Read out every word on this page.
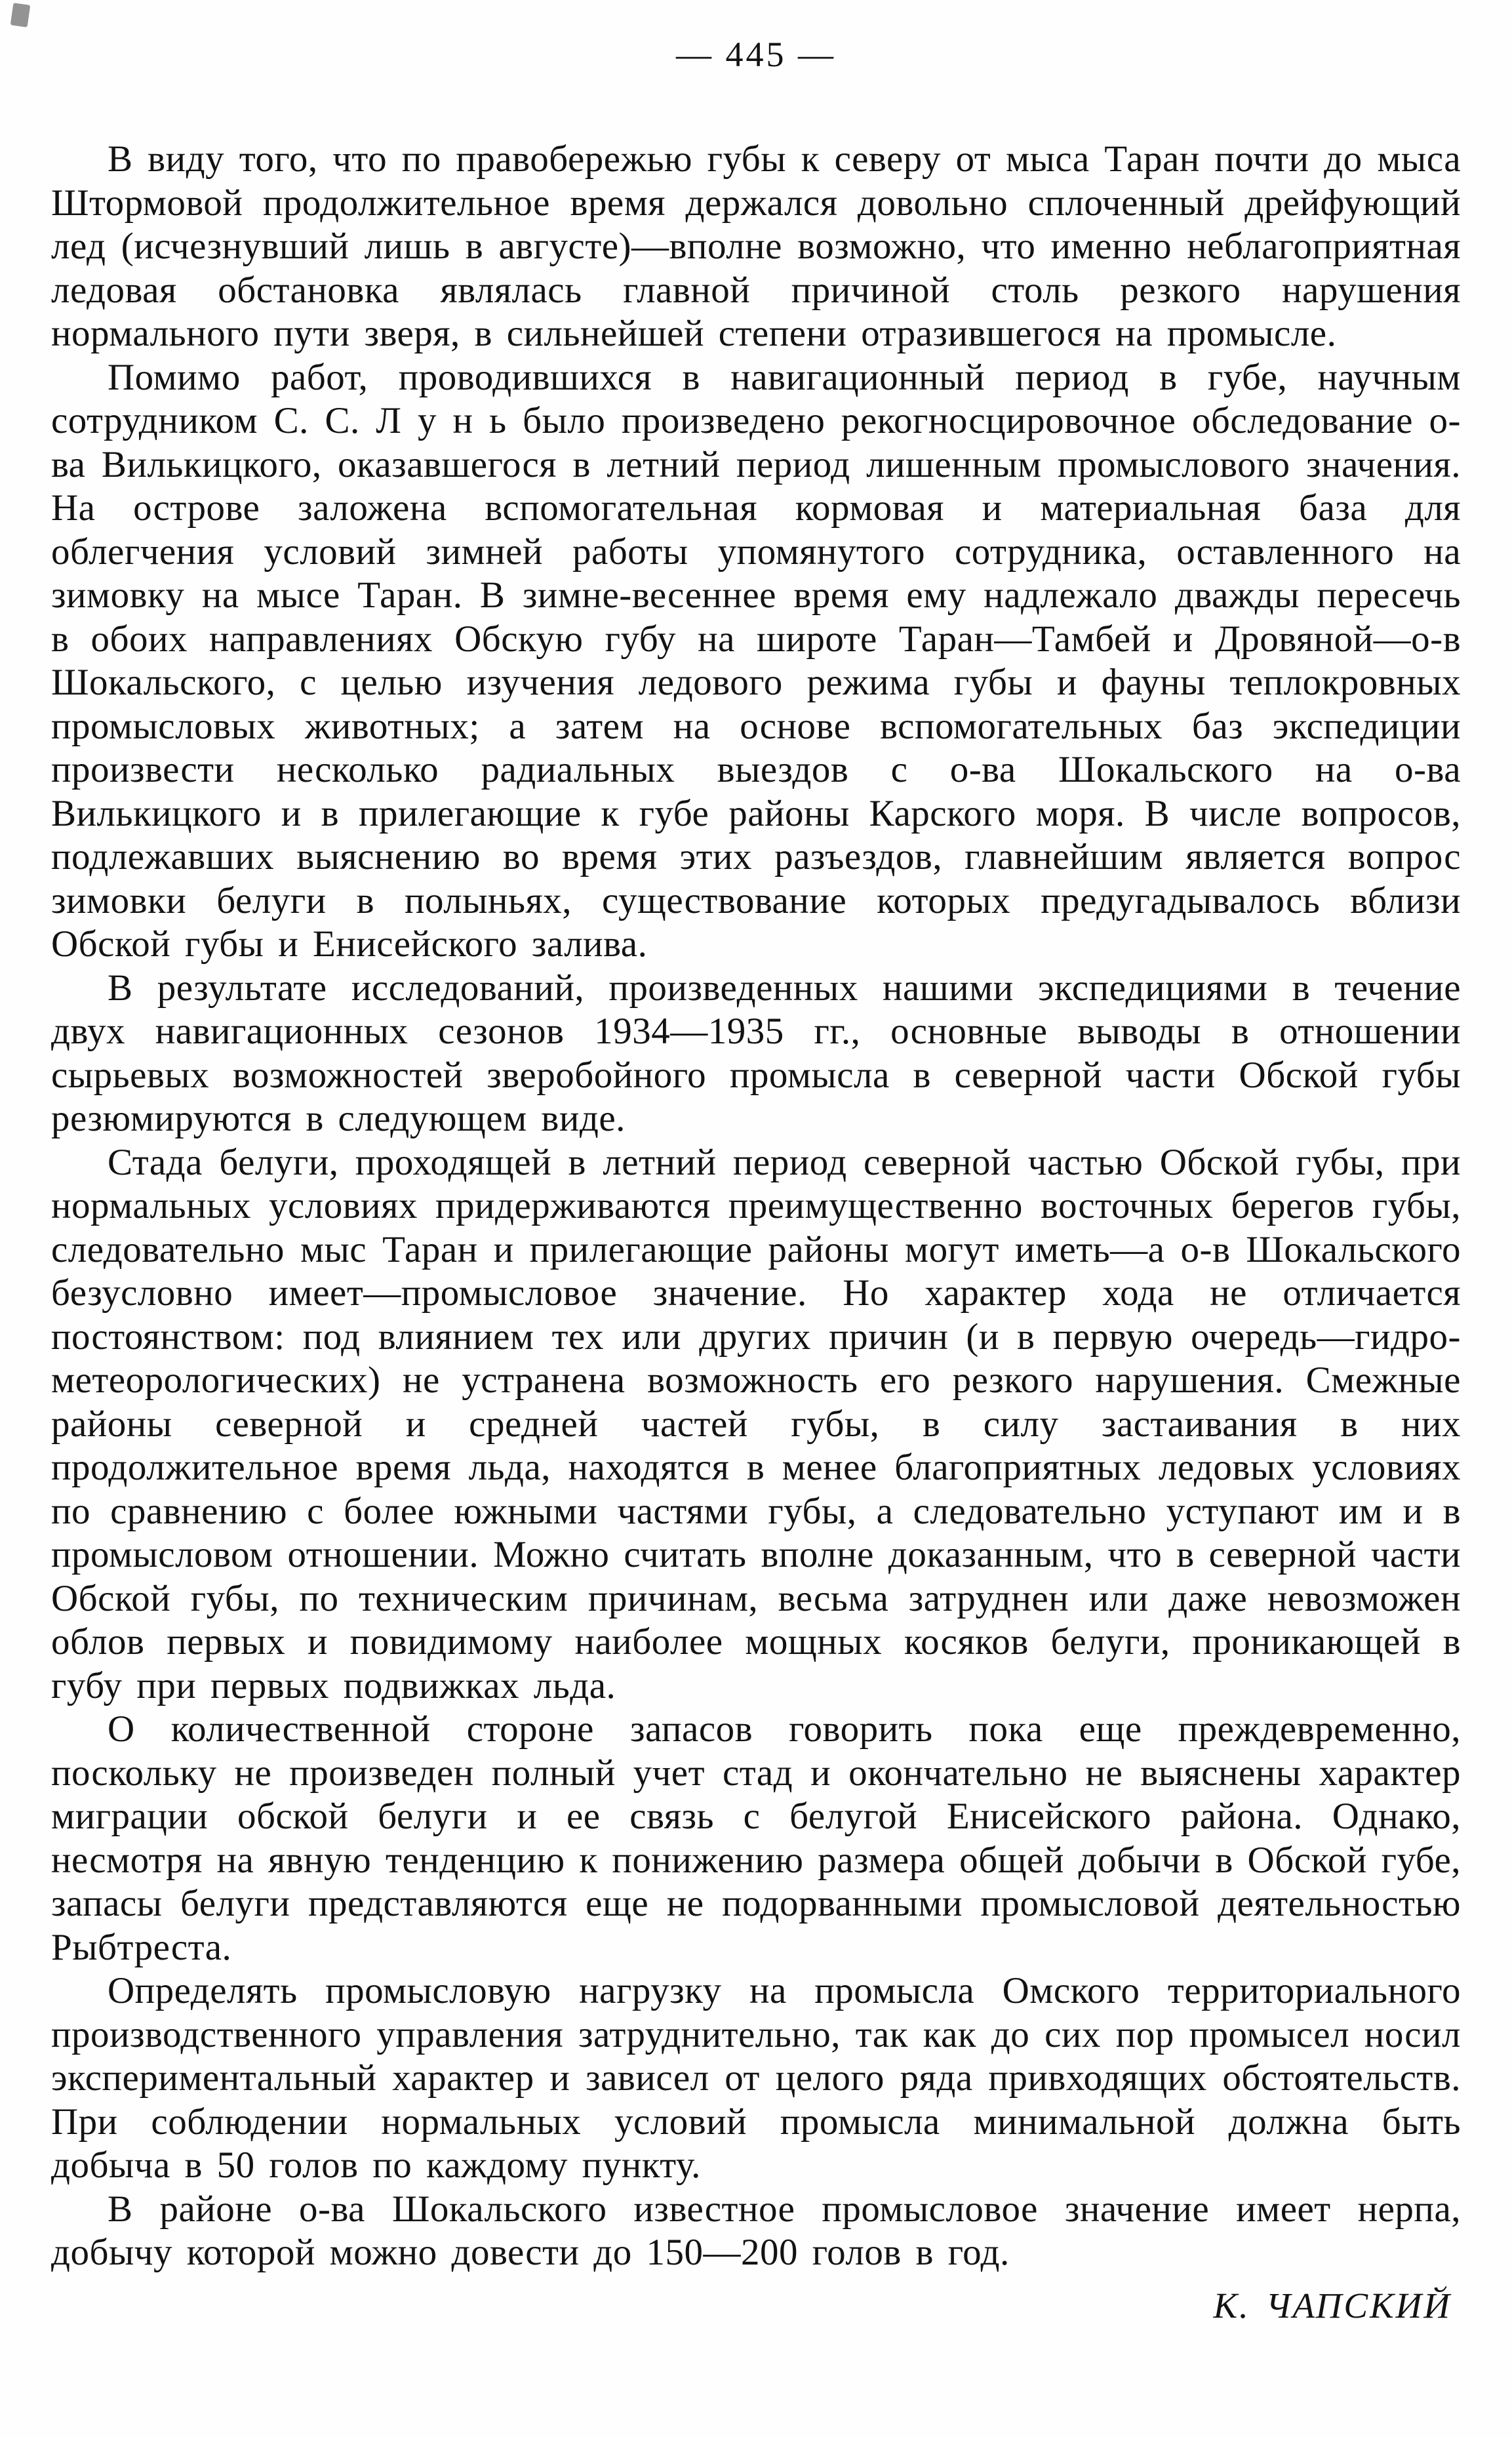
— 445 —

В виду того, что по правобережью губы к северу от мыса Таран почти до мыса Штормовой продолжительное время держался довольно сплоченный дрейфующий лед (исчезнувший лишь в августе)—вполне возможно, что именно неблагоприятная ледовая обстановка являлась главной причиной столь резкого нарушения нормального пути зверя, в сильнейшей степени отразившегося на промысле.

Помимо работ, проводившихся в навигационный период в губе, научным сотрудником С. С. Л у н ь было произведено рекогносцировочное обследование о-ва Вилькицкого, оказавшегося в летний период лишенным промыслового значения. На острове заложена вспомогательная кормовая и материальная база для облегчения условий зимней работы упомянутого сотрудника, оставленного на зимовку на мысе Таран. В зимне-весеннее время ему надлежало дважды пересечь в обоих направлениях Обскую губу на широте Таран—Тамбей и Дровяной—о-в Шокальского, с целью изучения ледового режима губы и фауны теплокровных промысловых животных; а затем на основе вспомогательных баз экспедиции произвести несколько радиальных выездов с о-ва Шокальского на о-ва Вилькицкого и в прилегающие к губе районы Карского моря. В числе вопросов, подлежавших выяснению во время этих разъездов, главнейшим является вопрос зимовки белуги в полыньях, существование которых предугадывалось вблизи Обской губы и Енисейского залива.

В результате исследований, произведенных нашими экспедициями в течение двух навигационных сезонов 1934—1935 гг., основные выводы в отношении сырьевых возможностей зверобойного промысла в северной части Обской губы резюмируются в следующем виде.

Стада белуги, проходящей в летний период северной частью Обской губы, при нормальных условиях придерживаются преимущественно восточных берегов губы, следовательно мыс Таран и прилегающие районы могут иметь—а о-в Шокальского безусловно имеет—промысловое значение. Но характер хода не отличается постоянством: под влиянием тех или других причин (и в первую очередь—гидро-метеорологических) не устранена возможность его резкого нарушения. Смежные районы северной и средней частей губы, в силу застаивания в них продолжительное время льда, находятся в менее благоприятных ледовых условиях по сравнению с более южными частями губы, а следовательно уступают им и в промысловом отношении. Можно считать вполне доказанным, что в северной части Обской губы, по техническим причинам, весьма затруднен или даже невозможен облов первых и повидимому наиболее мощных косяков белуги, проникающей в губу при первых подвижках льда.

О количественной стороне запасов говорить пока еще преждевременно, поскольку не произведен полный учет стад и окончательно не выяснены характер миграции обской белуги и ее связь с белугой Енисейского района. Однако, несмотря на явную тенденцию к понижению размера общей добычи в Обской губе, запасы белуги представляются еще не подорванными промысловой деятельностью Рыбтреста.

Определять промысловую нагрузку на промысла Омского территориального производственного управления затруднительно, так как до сих пор промысел носил экспериментальный характер и зависел от целого ряда привходящих обстоятельств. При соблюдении нормальных условий промысла минимальной должна быть добыча в 50 голов по каждому пункту.

В районе о-ва Шокальского известное промысловое значение имеет нерпа, добычу которой можно довести до 150—200 голов в год.

К. ЧАПСКИЙ
